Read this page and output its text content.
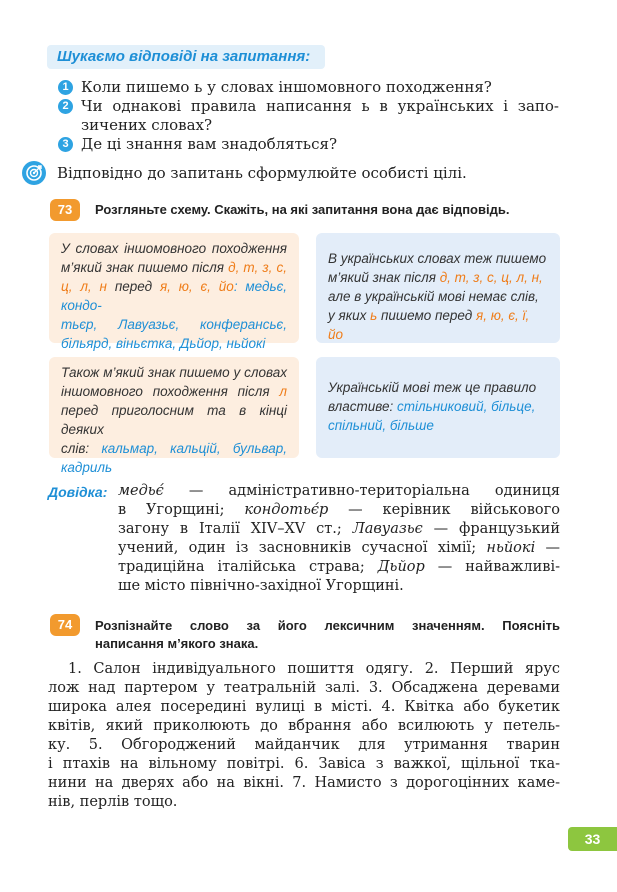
Шукаємо відповіді на запитання:
1 Коли пишемо ь у словах іншомовного походження?
2 Чи однакові правила написання ь в українських і запо-
зичених словах?
3 Де ці знання вам знадобляться?
Відповідно до запитань сформулюйте особисті цілі.
73	Розгляньте схему. Скажіть, на які запитання вона дає відповідь.
У словах іншомовного походження
м’який знак пишемо після д, т, з, с,
ц, л, н перед я, ю, є, йо: медьє, кондо-
тьєр, Лавуазьє, конферансьє,
більярд, віньєтка, Дьйор, ньйокі
В українських словах теж пишемо
м’який знак після д, т, з, с, ц, л, н,
але в українській мові немає слів,
у яких ь пишемо перед я, ю, є, ї, йо
Також м’який знак пишемо у словах
іншомовного походження після л
перед приголосним та в кінці деяких
слів: кальмар, кальцій, бульвар,
кадриль
Українській мові теж це правило
властиве: стільниковий, більце,
спільний, більше
Довідка: медьє́ — адміністративно-територіальна одиниця
в Угорщині; кондотьє́р — керівник військового
загону в Італії XIV–XV ст.; Лавуазьє — французький
учений, один із засновників сучасної хімії; ньйокі —
традиційна італійська страва; Дьйор — найважливі-
ше місто північно-західної Угорщині.
74	Розпізнайте слово за його лексичним значенням. Поясніть
написання м’якого знака.
1. Салон індивідуального пошиття одягу. 2. Перший ярус
лож над партером у театральній залі. 3. Обсаджена деревами
широка алея посередині вулиці в місті. 4. Квітка або букетик
квітів, який приколюють до вбрання або всилюють у петель-
ку. 5. Обгороджений майданчик для утримання тварин
і птахів на вільному повітрі. 6. Завіса з важкої, щільної тка-
нини на дверях або на вікні. 7. Намисто з дорогоцінних каме-
нів, перлів тощо.
33
